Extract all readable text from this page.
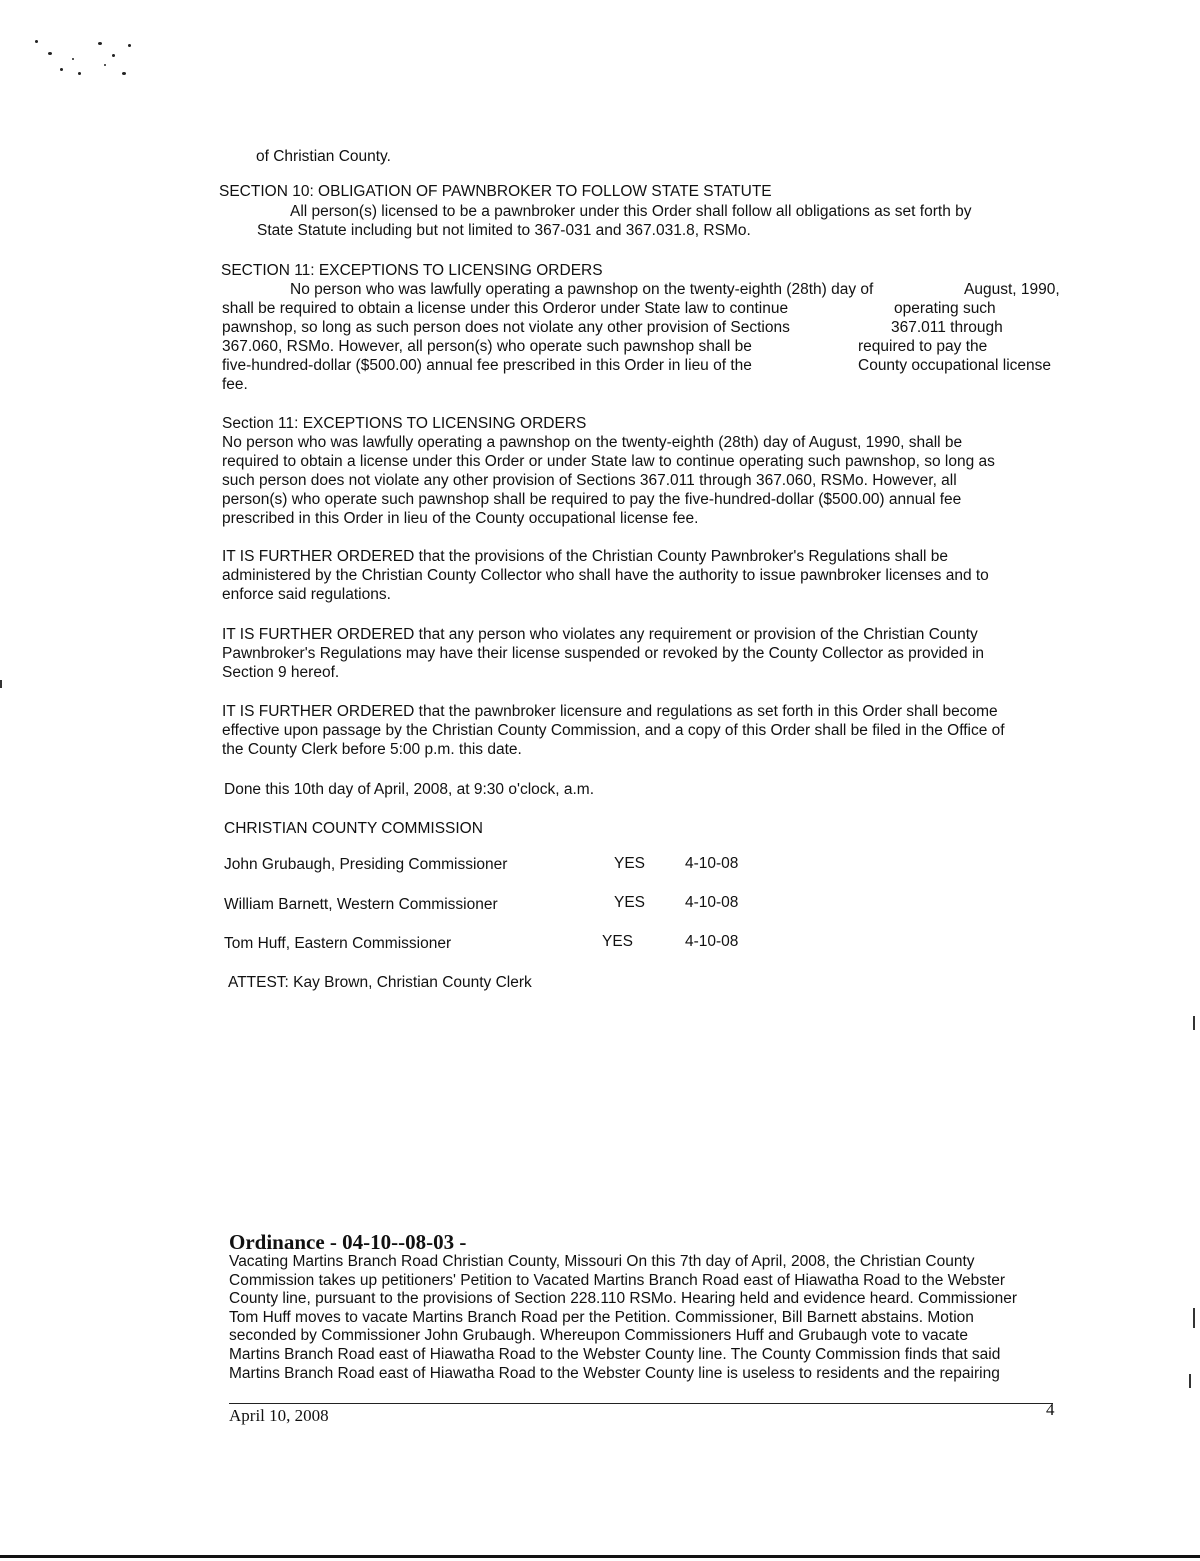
of Christian County.
SECTION 10: OBLIGATION OF PAWNBROKER TO FOLLOW STATE STATUTE
All person(s) licensed to be a pawnbroker under this Order shall follow all obligations as set forth by
State Statute including but not limited to 367-031 and 367.031.8, RSMo.
SECTION 11: EXCEPTIONS TO LICENSING ORDERS
No person who was lawfully operating a pawnshop on the twenty-eighth (28th) day of
shall be required to obtain a license under this Orderor under State law to continue
pawnshop, so long as such person does not violate any other provision of Sections
367.060, RSMo. However, all person(s) who operate such pawnshop shall be
five-hundred-dollar ($500.00) annual fee prescribed in this Order in lieu of the
fee.
August, 1990,
operating such
367.011 through
required to pay the
County occupational license
Section 11: EXCEPTIONS TO LICENSING ORDERS
No person who was lawfully operating a pawnshop on the twenty-eighth (28th) day of August, 1990, shall be
required to obtain a license under this Order or under State law to continue operating such pawnshop, so long as
such person does not violate any other provision of Sections 367.011 through 367.060, RSMo. However, all
person(s) who operate such pawnshop shall be required to pay the five-hundred-dollar ($500.00) annual fee
prescribed in this Order in lieu of the County occupational license fee.
IT IS FURTHER ORDERED that the provisions of the Christian County Pawnbroker's Regulations shall be
administered by the Christian County Collector who shall have the authority to issue pawnbroker licenses and to
enforce said regulations.
IT IS FURTHER ORDERED that any person who violates any requirement or provision of the Christian County
Pawnbroker's Regulations may have their license suspended or revoked by the County Collector as provided in
Section 9 hereof.
IT IS FURTHER ORDERED that the pawnbroker licensure and regulations as set forth in this Order shall become
effective upon passage by the Christian County Commission, and a copy of this Order shall be filed in the Office of
the County Clerk before 5:00 p.m. this date.
Done this 10th day of April, 2008, at 9:30 o'clock, a.m.
CHRISTIAN COUNTY COMMISSION
John Grubaugh, Presiding Commissioner	YES	4-10-08
William Barnett, Western Commissioner	YES	4-10-08
Tom Huff, Eastern Commissioner	YES	4-10-08
ATTEST: Kay Brown, Christian County Clerk
Ordinance - 04-10--08-03 -
Vacating Martins Branch Road Christian County, Missouri On this 7th day of April, 2008, the Christian County
Commission takes up petitioners' Petition to Vacated Martins Branch Road east of Hiawatha Road to the Webster
County line, pursuant to the provisions of Section 228.110 RSMo. Hearing held and evidence heard. Commissioner
Tom Huff moves to vacate Martins Branch Road per the Petition. Commissioner, Bill Barnett abstains. Motion
seconded by Commissioner John Grubaugh. Whereupon Commissioners Huff and Grubaugh vote to vacate
Martins Branch Road east of Hiawatha Road to the Webster County line. The County Commission finds that said
Martins Branch Road east of Hiawatha Road to the Webster County line is useless to residents and the repairing
April 10, 2008	4
